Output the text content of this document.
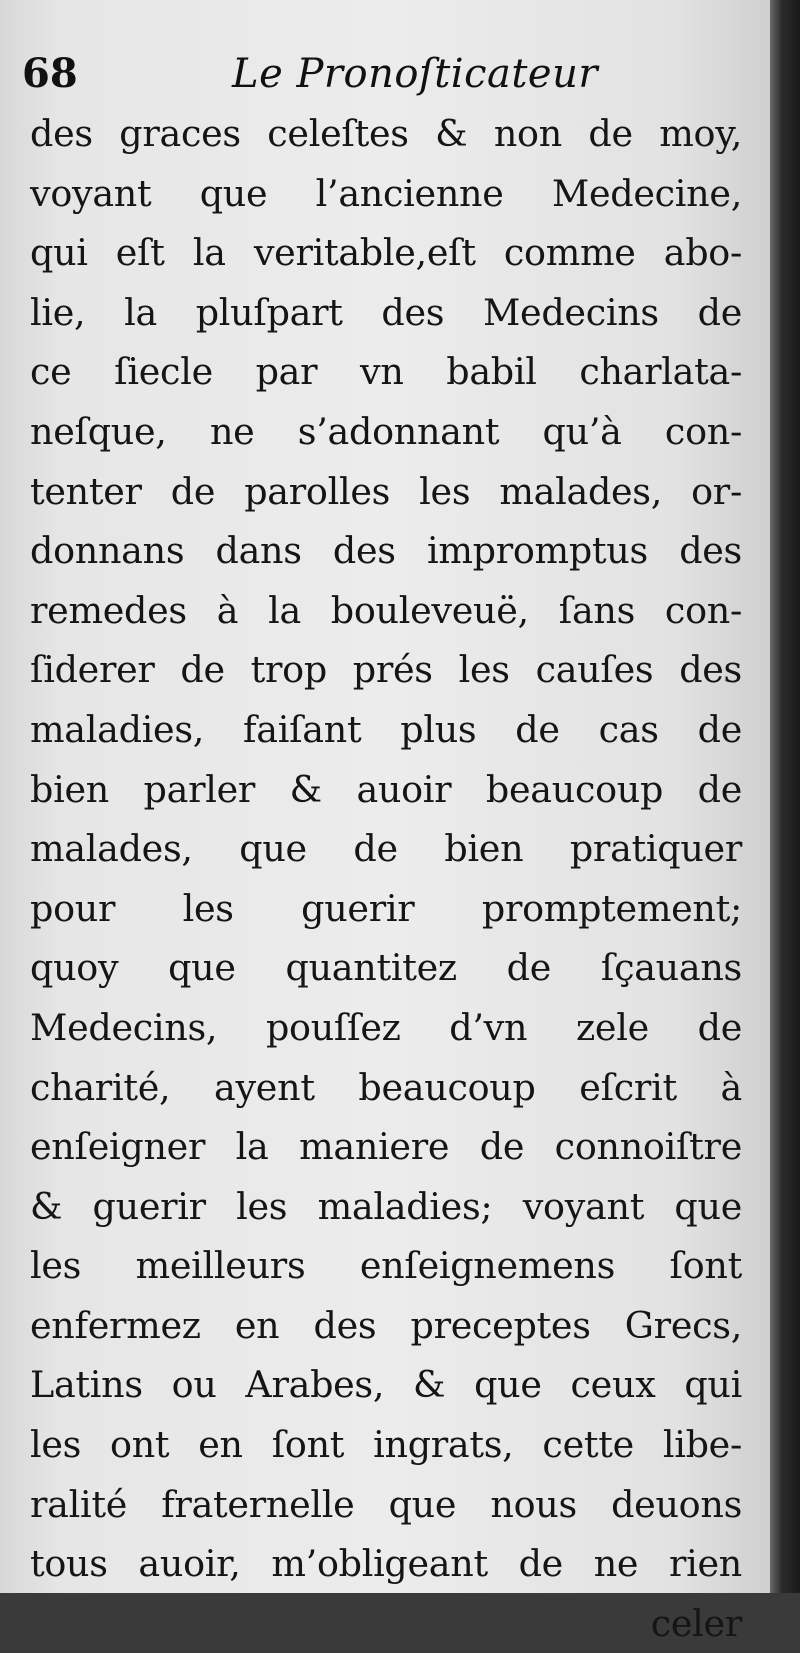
68	Le Pronoſticateur
des graces celeſtes & non de moy,
voyant que l’ancienne Medecine,
qui eſt la veritable,eſt comme abo-
lie, la pluſpart des Medecins de
ce ſiecle par vn babil charlata-
neſque, ne s’adonnant qu’à con-
tenter de parolles les malades, or-
donnans dans des impromptus des
remedes à la bouleveuë, ſans con-
ſiderer de trop prés les cauſes des
maladies, faiſant plus de cas de
bien parler & auoir beaucoup de
malades, que de bien pratiquer
pour les guerir promptement;
quoy que quantitez de ſçauans
Medecins, pouſſez d’vn zele de
charité, ayent beaucoup eſcrit à
enſeigner la maniere de connoiſtre
& guerir les maladies; voyant que
les meilleurs enſeignemens ſont
enfermez en des preceptes Grecs,
Latins ou Arabes, & que ceux qui
les ont en ſont ingrats, cette libe-
ralité fraternelle que nous deuons
tous auoir, m’obligeant de ne rien
celer
